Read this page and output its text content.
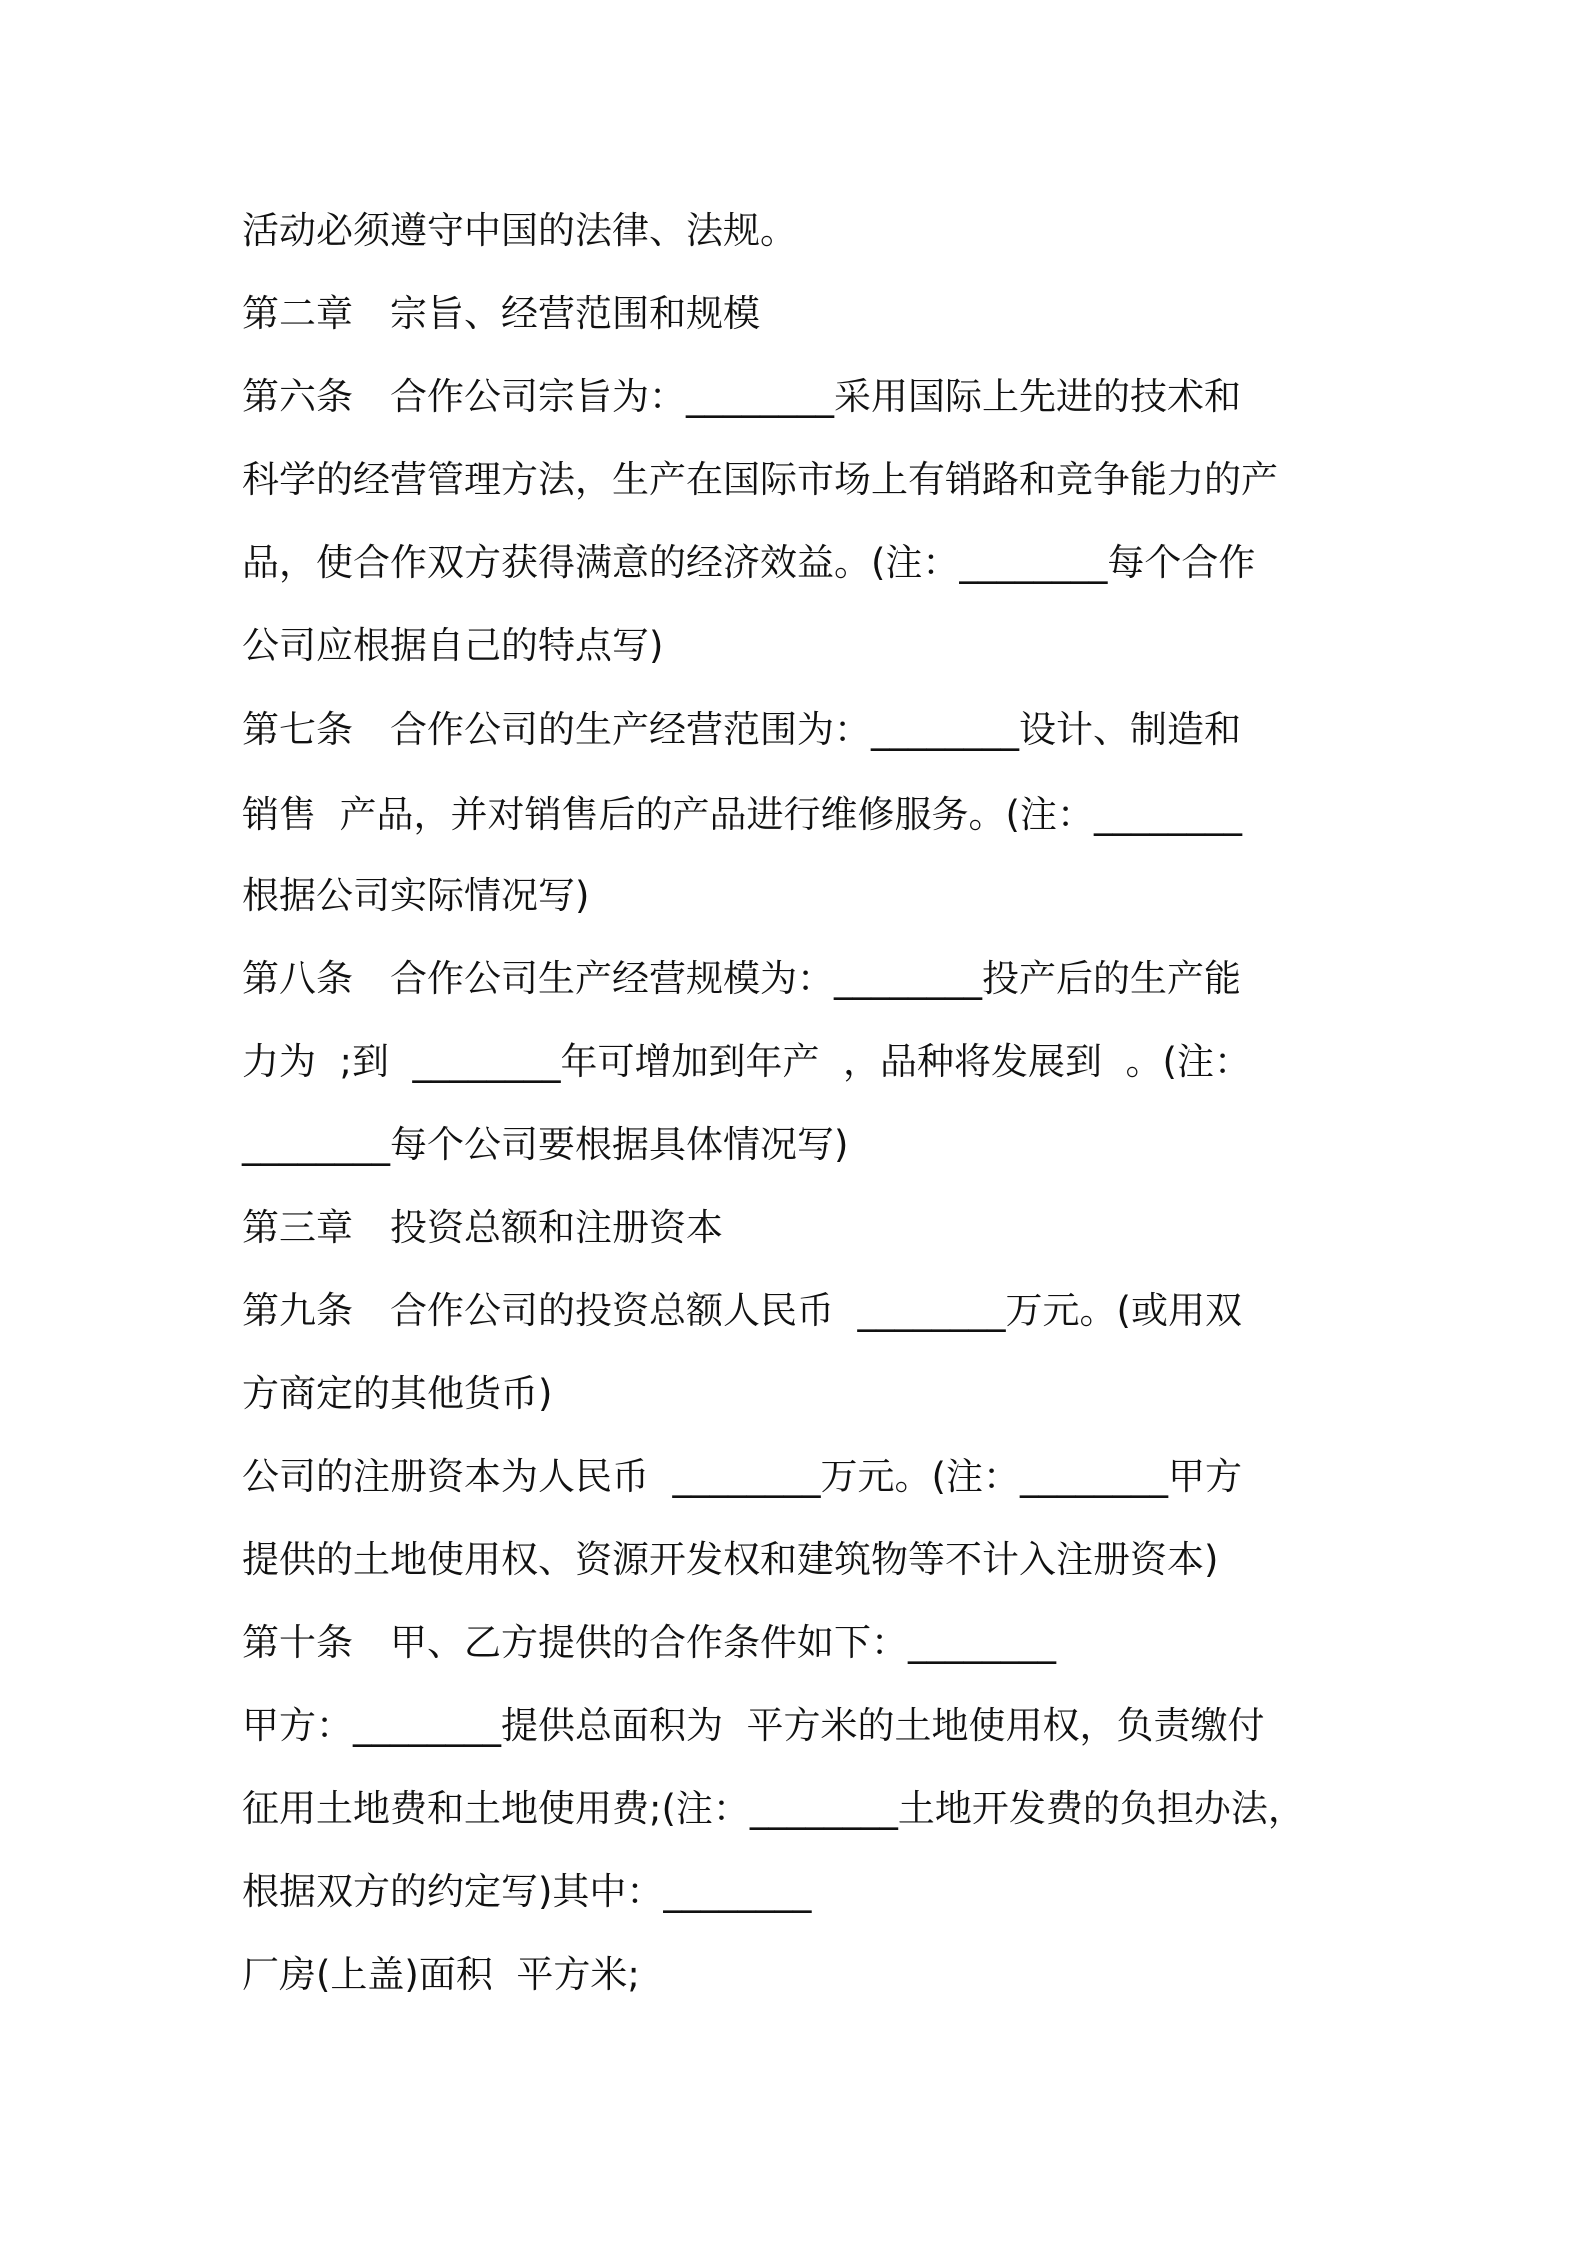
活动必须遵守中国的法律、法规。

第二章　宗旨、经营范围和规模

第六条　合作公司宗旨为：________采用国际上先进的技术和

科学的经营管理方法，生产在国际市场上有销路和竞争能力的产

品，使合作双方获得满意的经济效益。(注：________每个合作

公司应根据自己的特点写)

第七条　合作公司的生产经营范围为：________设计、制造和

销售  产品，并对销售后的产品进行维修服务。(注：________

根据公司实际情况写)

第八条　合作公司生产经营规模为：________投产后的生产能

力为  ;到  ________年可增加到年产  ，品种将发展到  。(注：

________每个公司要根据具体情况写)

第三章　投资总额和注册资本

第九条　合作公司的投资总额人民币  ________万元。(或用双

方商定的其他货币)

公司的注册资本为人民币  ________万元。(注：________甲方

提供的土地使用权、资源开发权和建筑物等不计入注册资本)

第十条　甲、乙方提供的合作条件如下：________

甲方：________提供总面积为  平方米的土地使用权，负责缴付

征用土地费和土地使用费;(注：________土地开发费的负担办法，

根据双方的约定写)其中：________

厂房(上盖)面积  平方米;
